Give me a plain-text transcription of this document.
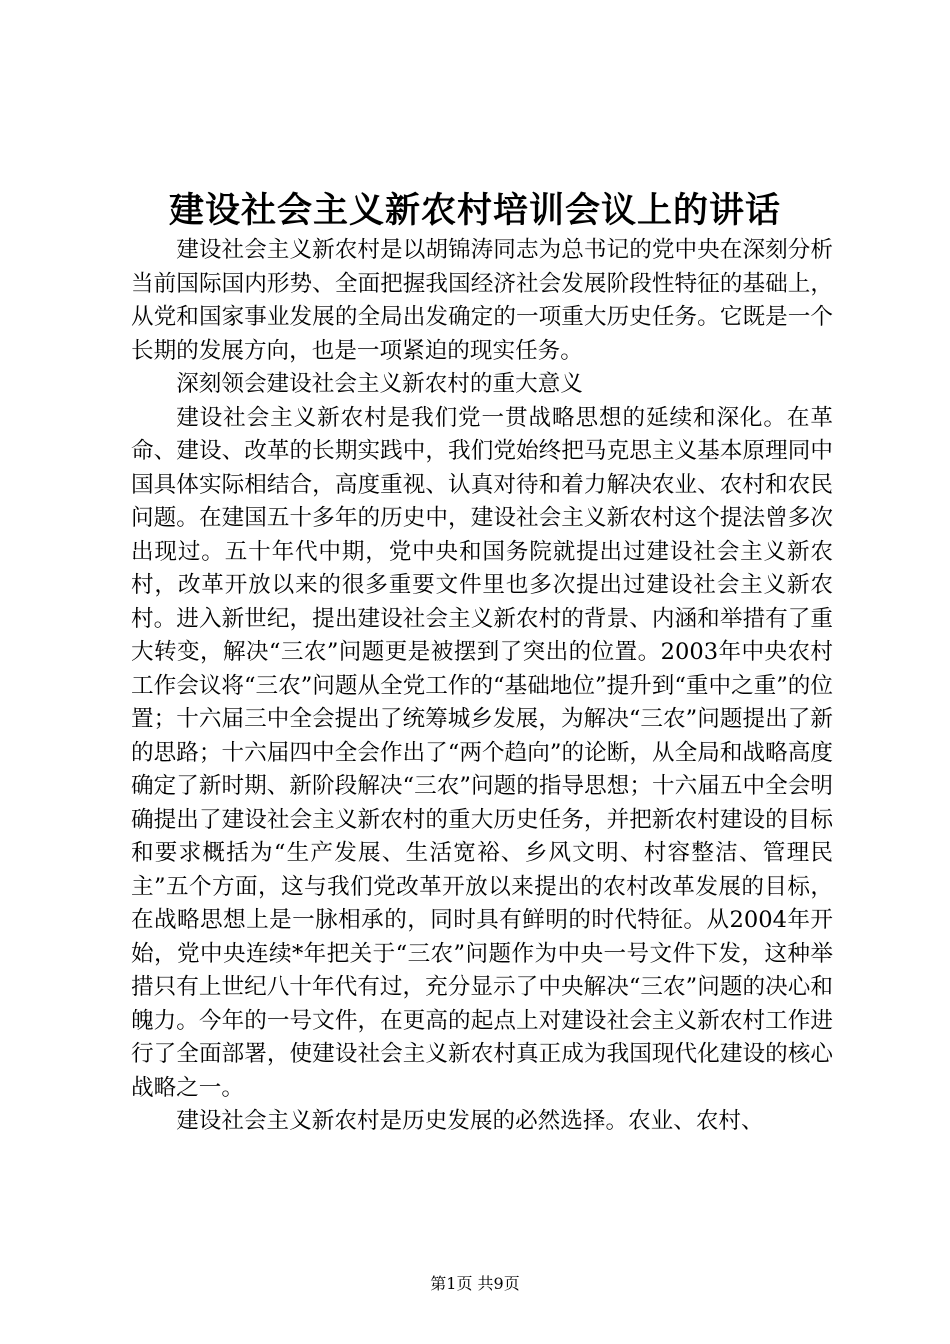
建设社会主义新农村培训会议上的讲话

建设社会主义新农村是以胡锦涛同志为总书记的党中央在深刻分析当前国际国内形势、全面把握我国经济社会发展阶段性特征的基础上，从党和国家事业发展的全局出发确定的一项重大历史任务。它既是一个长期的发展方向，也是一项紧迫的现实任务。

深刻领会建设社会主义新农村的重大意义

建设社会主义新农村是我们党一贯战略思想的延续和深化。在革命、建设、改革的长期实践中，我们党始终把马克思主义基本原理同中国具体实际相结合，高度重视、认真对待和着力解决农业、农村和农民问题。在建国五十多年的历史中，建设社会主义新农村这个提法曾多次出现过。五十年代中期，党中央和国务院就提出过建设社会主义新农村，改革开放以来的很多重要文件里也多次提出过建设社会主义新农村。进入新世纪，提出建设社会主义新农村的背景、内涵和举措有了重大转变，解决“三农”问题更是被摆到了突出的位置。2003年中央农村工作会议将“三农”问题从全党工作的“基础地位”提升到“重中之重”的位置；十六届三中全会提出了统筹城乡发展，为解决“三农”问题提出了新的思路；十六届四中全会作出了“两个趋向”的论断，从全局和战略高度确定了新时期、新阶段解决“三农”问题的指导思想；十六届五中全会明确提出了建设社会主义新农村的重大历史任务，并把新农村建设的目标和要求概括为“生产发展、生活宽裕、乡风文明、村容整洁、管理民主”五个方面，这与我们党改革开放以来提出的农村改革发展的目标，在战略思想上是一脉相承的，同时具有鲜明的时代特征。从2004年开始，党中央连续*年把关于“三农”问题作为中央一号文件下发，这种举措只有上世纪八十年代有过，充分显示了中央解决“三农”问题的决心和魄力。今年的一号文件，在更高的起点上对建设社会主义新农村工作进行了全面部署，使建设社会主义新农村真正成为我国现代化建设的核心战略之一。

建设社会主义新农村是历史发展的必然选择。农业、农村、

第1页 共9页
